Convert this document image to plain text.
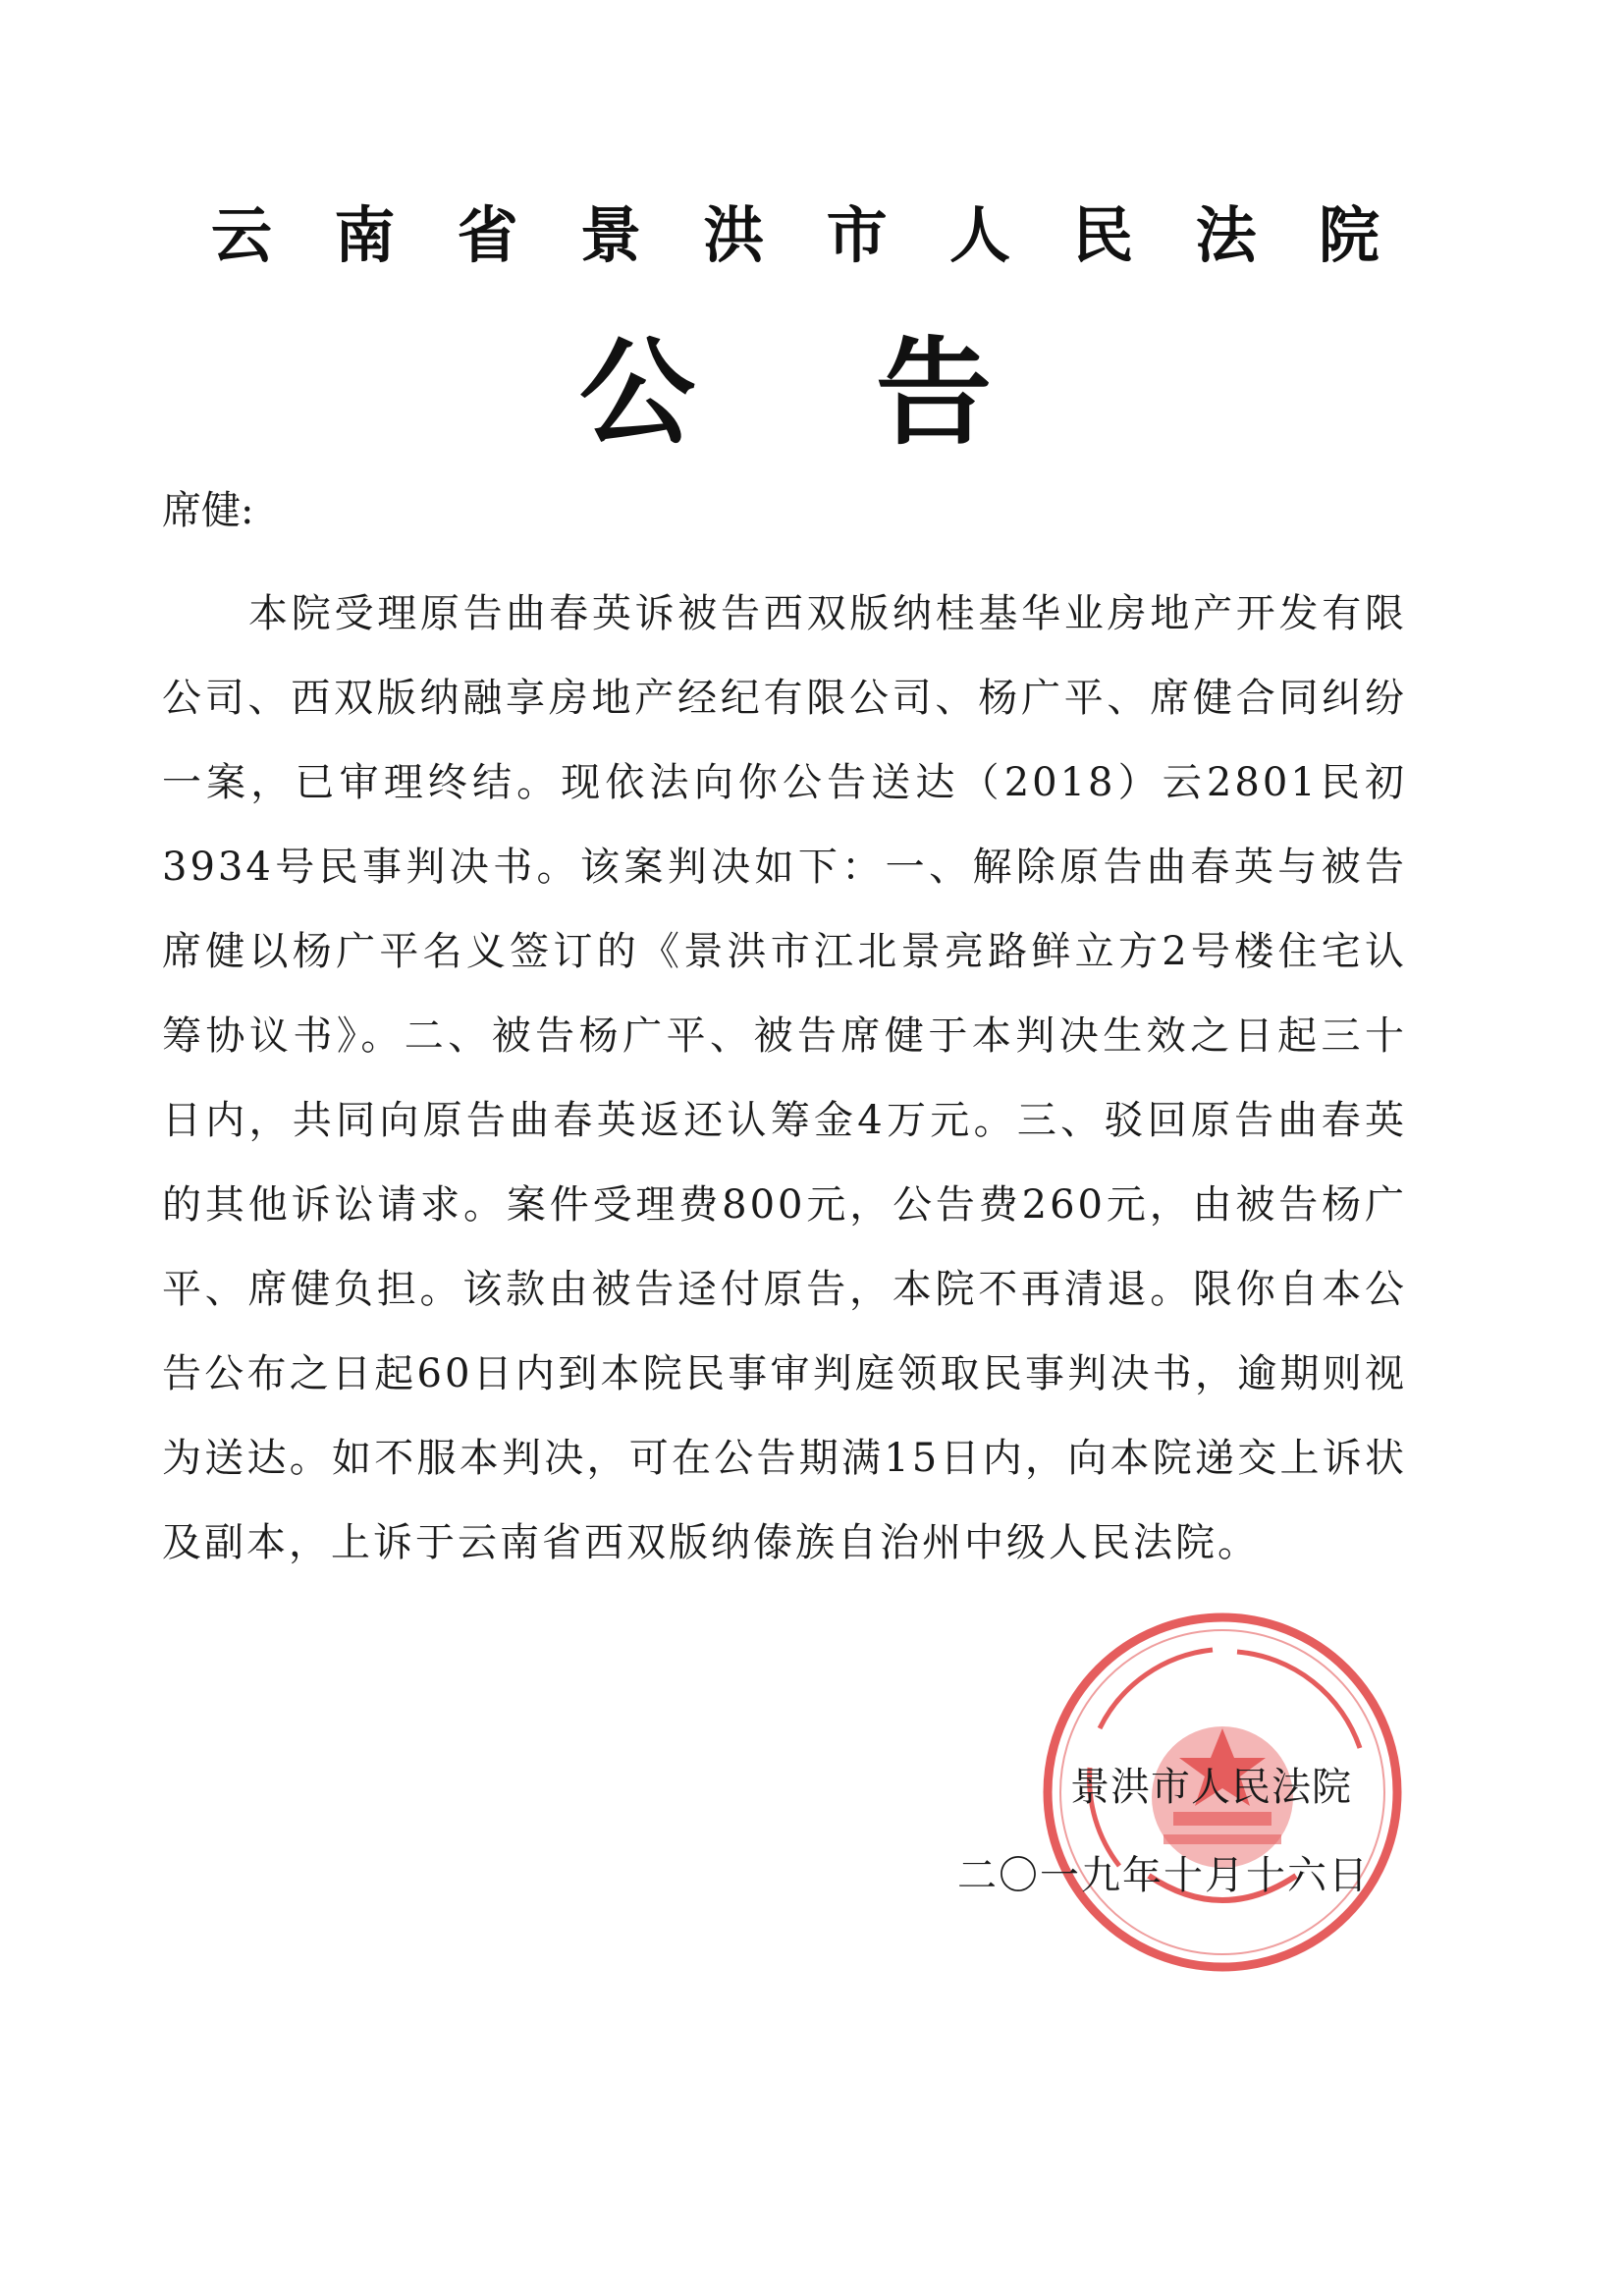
云 南 省 景 洪 市 人 民 法 院
公 告
席健:

本院受理原告曲春英诉被告西双版纳桂基华业房地产开发有限公司、西双版纳融享房地产经纪有限公司、杨广平、席健合同纠纷一案，已审理终结。现依法向你公告送达（2018）云2801民初3934号民事判决书。该案判决如下：一、解除原告曲春英与被告席健以杨广平名义签订的《景洪市江北景亮路鲜立方2号楼住宅认筹协议书》。二、被告杨广平、被告席健于本判决生效之日起三十日内，共同向原告曲春英返还认筹金4万元。三、驳回原告曲春英的其他诉讼请求。案件受理费800元，公告费260元，由被告杨广平、席健负担。该款由被告迳付原告，本院不再清退。限你自本公告公布之日起60日内到本院民事审判庭领取民事判决书，逾期则视为送达。如不服本判决，可在公告期满15日内，向本院递交上诉状及副本，上诉于云南省西双版纳傣族自治州中级人民法院。

景洪市人民法院
二〇一九年十月十六日
